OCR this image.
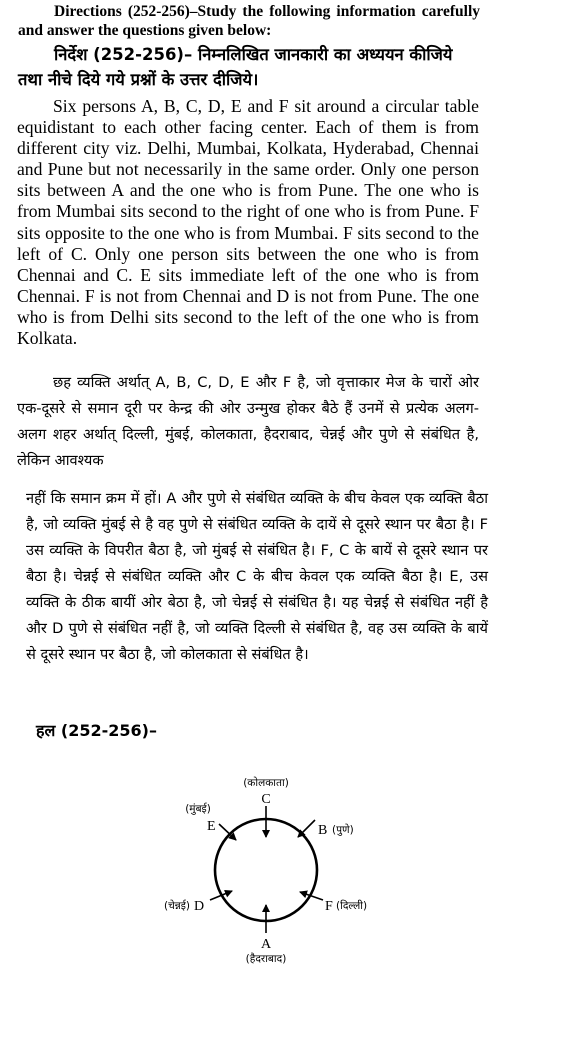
Directions (252-256)–Study the following information carefully and answer the questions given below:
निर्देश (252-256)– निम्नलिखित जानकारी का अध्ययन कीजिये तथा नीचे दिये गये प्रश्नों के उत्तर दीजिये।
Six persons A, B, C, D, E and F sit around a circular table equidistant to each other facing center. Each of them is from different city viz. Delhi, Mumbai, Kolkata, Hyderabad, Chennai and Pune but not necessarily in the same order. Only one person sits between A and the one who is from Pune. The one who is from Mumbai sits second to the right of one who is from Pune. F sits opposite to the one who is from Mumbai. F sits second to the left of C. Only one person sits between the one who is from Chennai and C. E sits immediate left of the one who is from Chennai. F is not from Chennai and D is not from Pune. The one who is from Delhi sits second to the left of the one who is from Kolkata.
छह व्यक्ति अर्थात् A, B, C, D, E और F है, जो वृत्ताकार मेज के चारों ओर एक-दूसरे से समान दूरी पर केन्द्र की ओर उन्मुख होकर बैठे हैं उनमें से प्रत्येक अलग-अलग शहर अर्थात् दिल्ली, मुंबई, कोलकाता, हैदराबाद, चेन्नई और पुणे से संबंधित है, लेकिन आवश्यक
नहीं कि समान क्रम में हों। A और पुणे से संबंधित व्यक्ति के बीच केवल एक व्यक्ति बैठा है, जो व्यक्ति मुंबई से है वह पुणे से संबंधित व्यक्ति के दायें से दूसरे स्थान पर बैठा है। F उस व्यक्ति के विपरीत बैठा है, जो मुंबई से संबंधित है। F, C के बायें से दूसरे स्थान पर बैठा है। चेन्नई से संबंधित व्यक्ति और C के बीच केवल एक व्यक्ति बैठा है। E, उस व्यक्ति के ठीक बायीं ओर बेठा है, जो चेन्नई से संबंधित है। यह चेन्नई से संबंधित नहीं है और D पुणे से संबंधित नहीं है, जो व्यक्ति दिल्ली से संबंधित है, वह उस व्यक्ति के बायें से दूसरे स्थान पर बैठा है, जो कोलकाता से संबंधित है।
हल (252-256)–
(कोलकाता)
C
B (पुणे)
F (दिल्ली)
A
(हैदराबाद)
(चेन्नई) D
(मुंबई)
E
